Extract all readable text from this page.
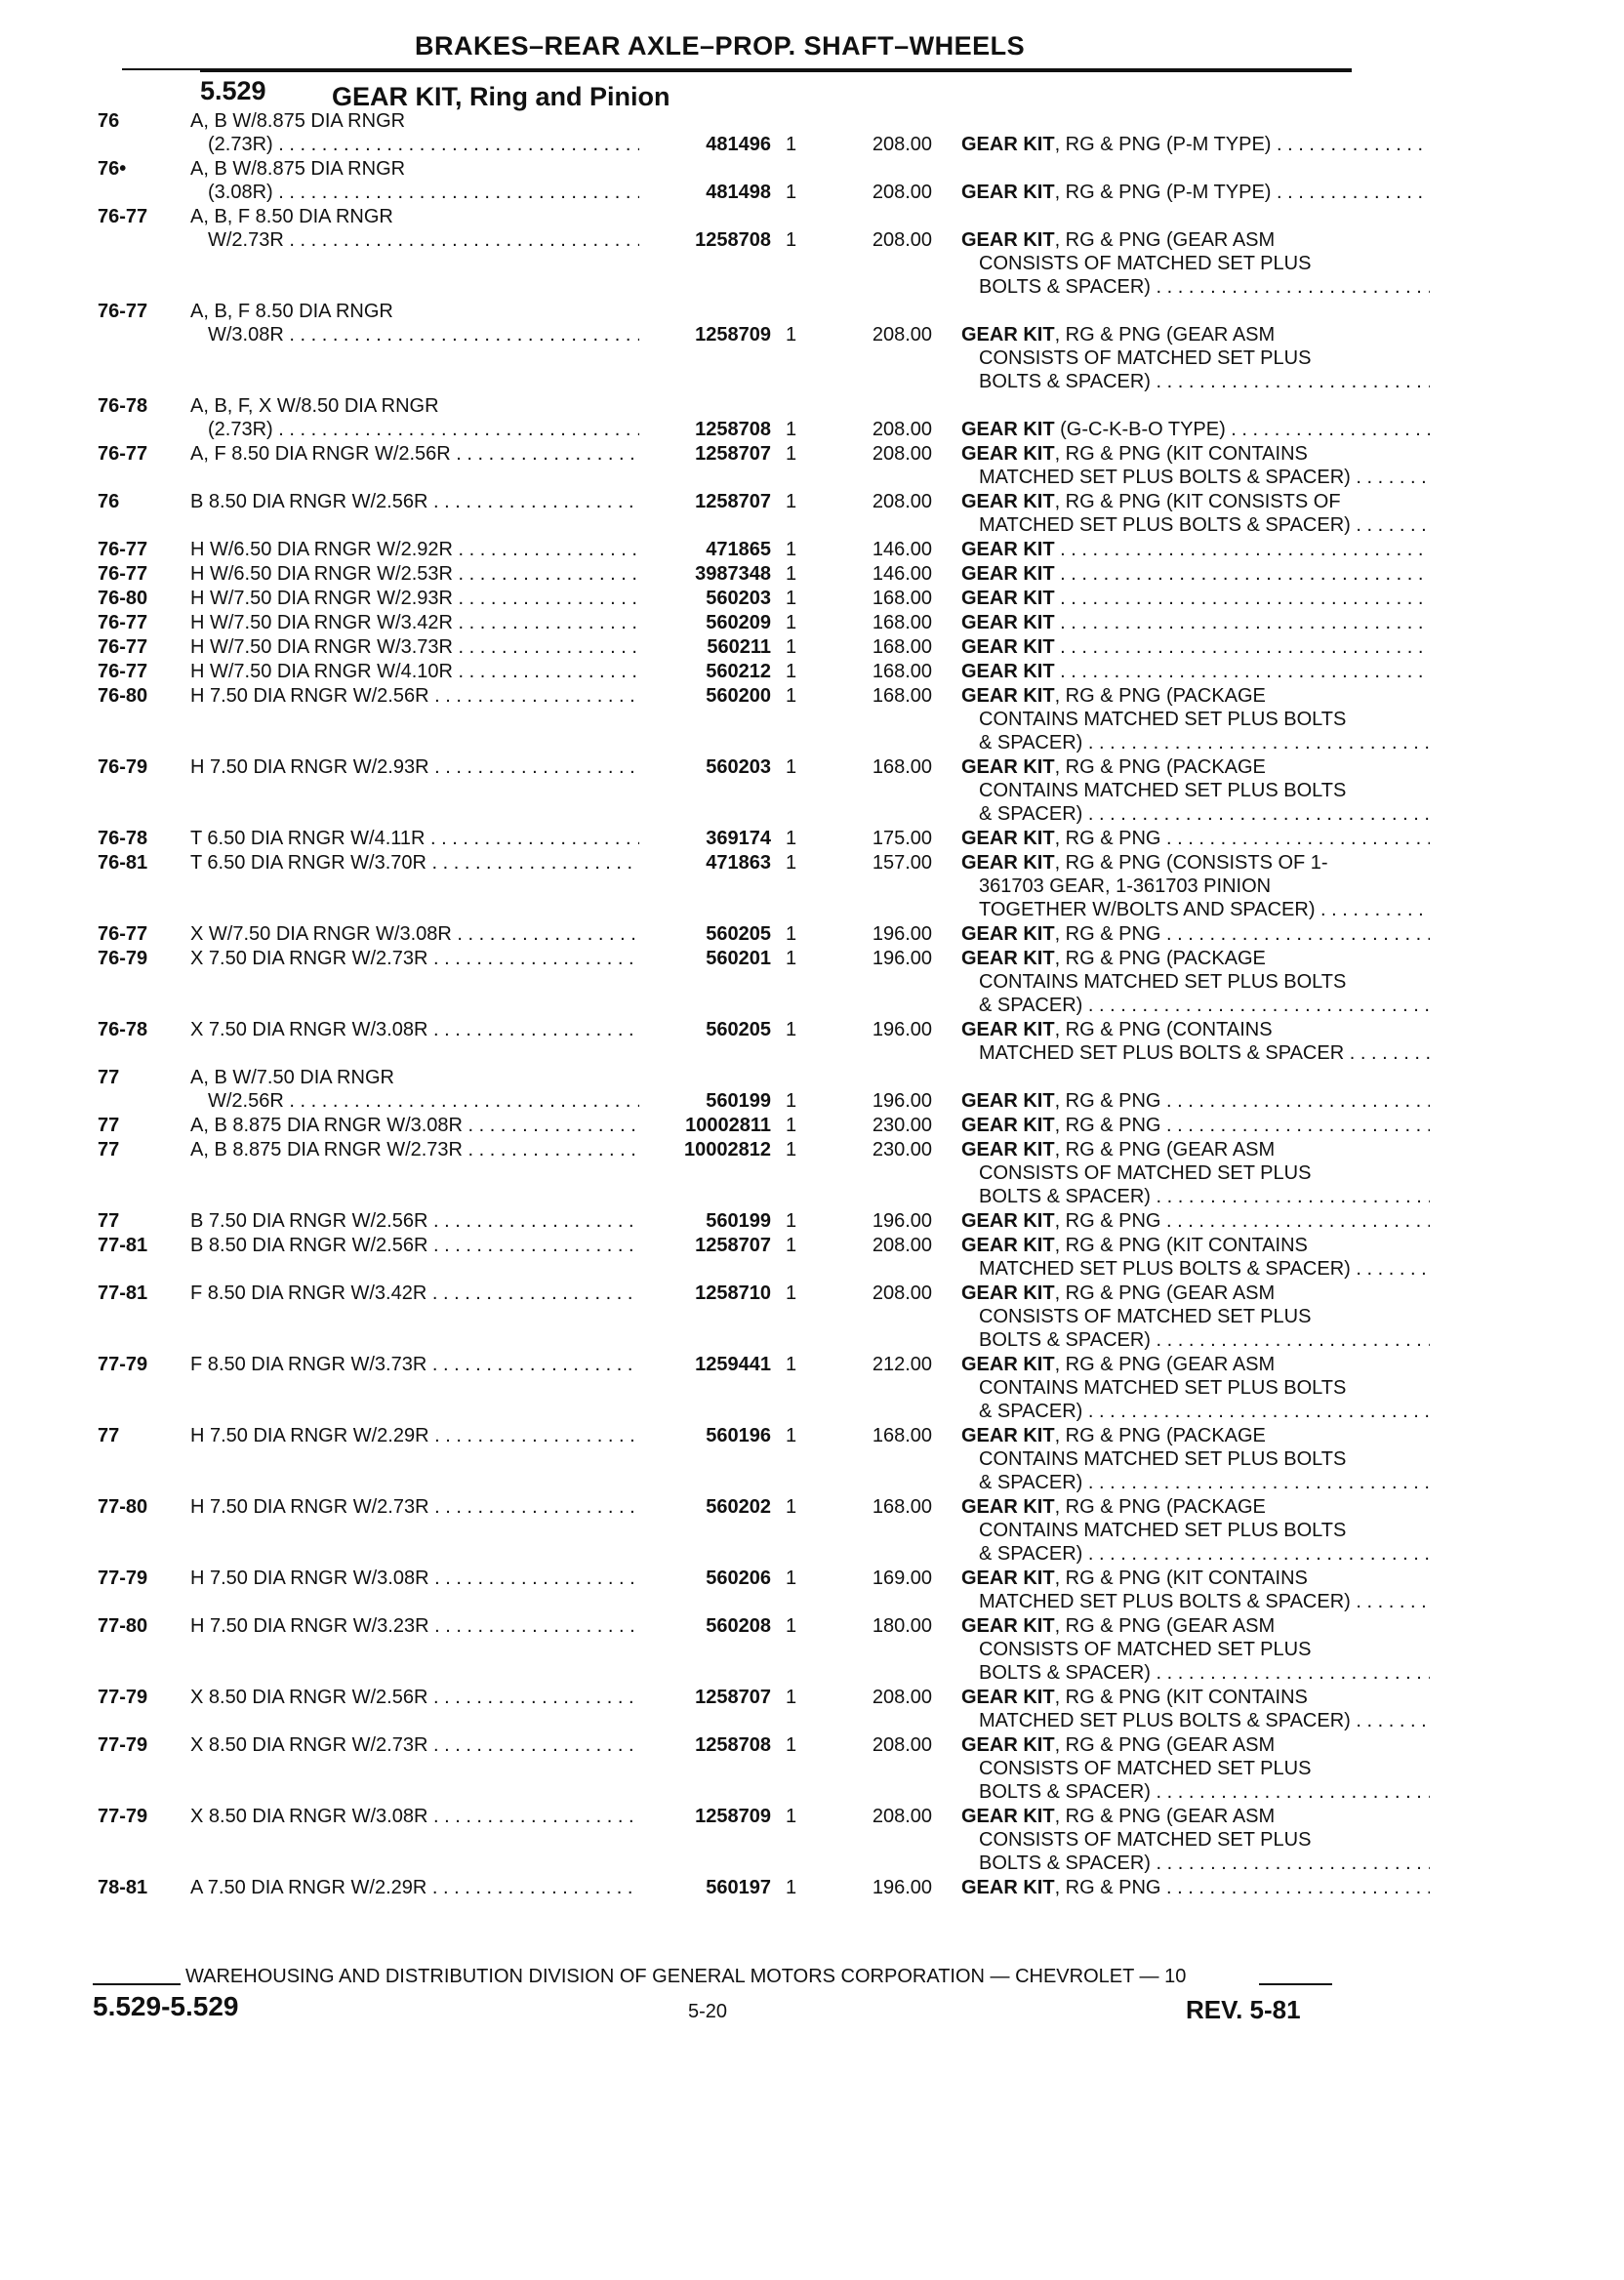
BRAKES–REAR AXLE–PROP. SHAFT–WHEELS
5.529 GEAR KIT, Ring and Pinion
76	A, B W/8.875 DIA RNGR
(2.73R) . . .	481496 1	208.00 GEAR KIT, RG & PNG (P-M TYPE) . . .
76•	A, B W/8.875 DIA RNGR
(3.08R) . . .	481498 1	208.00 GEAR KIT, RG & PNG (P-M TYPE) . . .
76-77	A, B, F 8.50 DIA RNGR
W/2.73R . . .	1258708 1	208.00 GEAR KIT, RG & PNG (GEAR ASM
CONSISTS OF MATCHED SET PLUS
BOLTS & SPACER) . . .
76-77	A, B, F 8.50 DIA RNGR
W/3.08R . . .	1258709 1	208.00 GEAR KIT, RG & PNG (GEAR ASM
CONSISTS OF MATCHED SET PLUS
BOLTS & SPACER) . . .
76-78	A, B, F, X W/8.50 DIA RNGR
(2.73R) . . .	1258708 1	208.00 GEAR KIT (G-C-K-B-O TYPE) . . .
76-77	A, F 8.50 DIA RNGR W/2.56R . . .	1258707 1	208.00 GEAR KIT, RG & PNG (KIT CONTAINS
MATCHED SET PLUS BOLTS & SPACER) . . .
76	B 8.50 DIA RNGR W/2.56R . . .	1258707 1	208.00 GEAR KIT, RG & PNG (KIT CONSISTS OF
MATCHED SET PLUS BOLTS & SPACER) . . .
76-77	H W/6.50 DIA RNGR W/2.92R . . .	471865 1	146.00 GEAR KIT . . .
76-77	H W/6.50 DIA RNGR W/2.53R . . .	3987348 1	146.00 GEAR KIT . . .
76-80	H W/7.50 DIA RNGR W/2.93R . . .	560203 1	168.00 GEAR KIT . . .
76-77	H W/7.50 DIA RNGR W/3.42R . . .	560209 1	168.00 GEAR KIT . . .
76-77	H W/7.50 DIA RNGR W/3.73R . . .	560211 1	168.00 GEAR KIT . . .
76-77	H W/7.50 DIA RNGR W/4.10R . . .	560212 1	168.00 GEAR KIT . . .
76-80	H 7.50 DIA RNGR W/2.56R . . .	560200 1	168.00 GEAR KIT, RG & PNG (PACKAGE
CONTAINS MATCHED SET PLUS BOLTS
& SPACER) . . .
76-79	H 7.50 DIA RNGR W/2.93R . . .	560203 1	168.00 GEAR KIT, RG & PNG (PACKAGE
CONTAINS MATCHED SET PLUS BOLTS
& SPACER) . . .
76-78	T 6.50 DIA RNGR W/4.11R . . .	369174 1	175.00 GEAR KIT, RG & PNG . . .
76-81	T 6.50 DIA RNGR W/3.70R . . .	471863 1	157.00 GEAR KIT, RG & PNG (CONSISTS OF 1-
361703 GEAR, 1-361703 PINION
TOGETHER W/BOLTS AND SPACER) . . .
76-77	X W/7.50 DIA RNGR W/3.08R . . .	560205 1	196.00 GEAR KIT, RG & PNG . . .
76-79	X 7.50 DIA RNGR W/2.73R . . .	560201 1	196.00 GEAR KIT, RG & PNG (PACKAGE
CONTAINS MATCHED SET PLUS BOLTS
& SPACER) . . .
76-78	X 7.50 DIA RNGR W/3.08R . . .	560205 1	196.00 GEAR KIT, RG & PNG (CONTAINS
MATCHED SET PLUS BOLTS & SPACER . . .
77	A, B W/7.50 DIA RNGR
W/2.56R . . .	560199 1	196.00 GEAR KIT, RG & PNG . . .
77	A, B 8.875 DIA RNGR W/3.08R . . .	10002811 1	230.00 GEAR KIT, RG & PNG . . .
77	A, B 8.875 DIA RNGR W/2.73R . . .	10002812 1	230.00 GEAR KIT, RG & PNG (GEAR ASM
CONSISTS OF MATCHED SET PLUS
BOLTS & SPACER) . . .
77	B 7.50 DIA RNGR W/2.56R . . .	560199 1	196.00 GEAR KIT, RG & PNG . . .
77-81	B 8.50 DIA RNGR W/2.56R . . .	1258707 1	208.00 GEAR KIT, RG & PNG (KIT CONTAINS
MATCHED SET PLUS BOLTS & SPACER) . . .
77-81	F 8.50 DIA RNGR W/3.42R . . .	1258710 1	208.00 GEAR KIT, RG & PNG (GEAR ASM
CONSISTS OF MATCHED SET PLUS
BOLTS & SPACER) . . .
77-79	F 8.50 DIA RNGR W/3.73R . . .	1259441 1	212.00 GEAR KIT, RG & PNG (GEAR ASM
CONTAINS MATCHED SET PLUS BOLTS
& SPACER) . . .
77	H 7.50 DIA RNGR W/2.29R . . .	560196 1	168.00 GEAR KIT, RG & PNG (PACKAGE
CONTAINS MATCHED SET PLUS BOLTS
& SPACER) . . .
77-80	H 7.50 DIA RNGR W/2.73R . . .	560202 1	168.00 GEAR KIT, RG & PNG (PACKAGE
CONTAINS MATCHED SET PLUS BOLTS
& SPACER) . . .
77-79	H 7.50 DIA RNGR W/3.08R . . .	560206 1	169.00 GEAR KIT, RG & PNG (KIT CONTAINS
MATCHED SET PLUS BOLTS & SPACER) . . .
77-80	H 7.50 DIA RNGR W/3.23R . . .	560208 1	180.00 GEAR KIT, RG & PNG (GEAR ASM
CONSISTS OF MATCHED SET PLUS
BOLTS & SPACER) . . .
77-79	X 8.50 DIA RNGR W/2.56R . . .	1258707 1	208.00 GEAR KIT, RG & PNG (KIT CONTAINS
MATCHED SET PLUS BOLTS & SPACER) . . .
77-79	X 8.50 DIA RNGR W/2.73R . . .	1258708 1	208.00 GEAR KIT, RG & PNG (GEAR ASM
CONSISTS OF MATCHED SET PLUS
BOLTS & SPACER) . . .
77-79	X 8.50 DIA RNGR W/3.08R . . .	1258709 1	208.00 GEAR KIT, RG & PNG (GEAR ASM
CONSISTS OF MATCHED SET PLUS
BOLTS & SPACER) . . .
78-81	A 7.50 DIA RNGR W/2.29R . . .	560197 1	196.00 GEAR KIT, RG & PNG . . .
WAREHOUSING AND DISTRIBUTION DIVISION OF GENERAL MOTORS CORPORATION — CHEVROLET — 10
5.529-5.529	5-20	REV. 5-81
